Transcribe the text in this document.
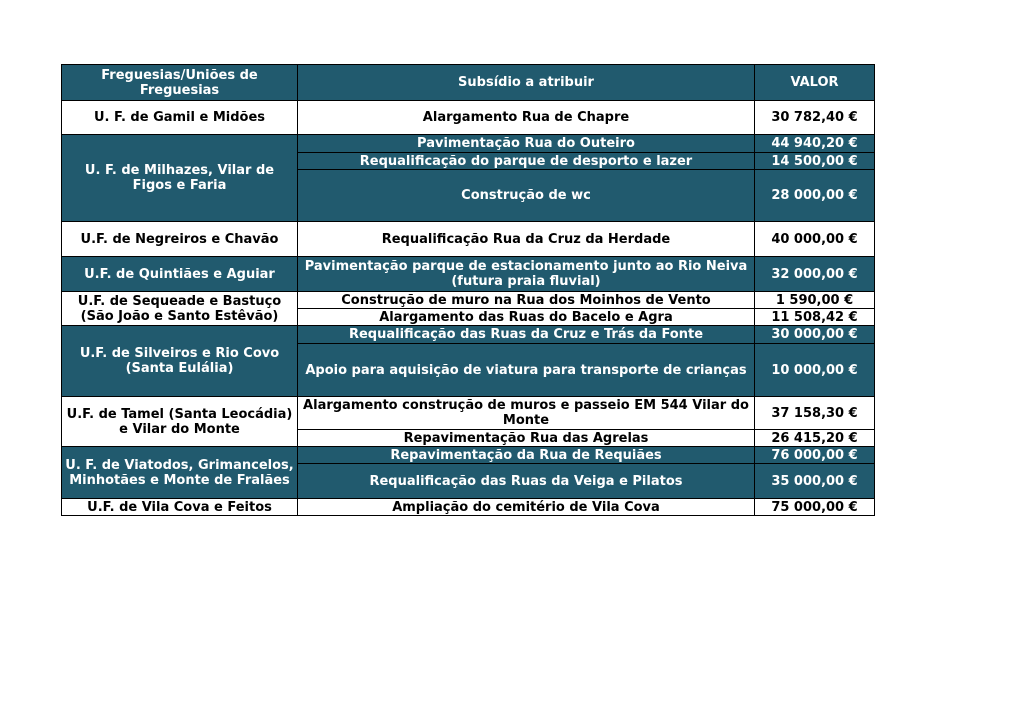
Freguesias/Uniões de Freguesias	Subsídio a atribuir	VALOR
U. F. de Gamil e Midões	Alargamento Rua de Chapre	30 782,40 €
U. F. de Milhazes, Vilar de Figos e Faria	Pavimentação Rua do Outeiro	44 940,20 €
	Requalificação do parque de desporto e lazer	14 500,00 €
	Construção de wc	28 000,00 €
U.F. de Negreiros e Chavão	Requalificação Rua da Cruz da Herdade	40 000,00 €
U.F. de Quintiães e Aguiar	Pavimentação parque de estacionamento junto ao Rio Neiva (futura praia fluvial)	32 000,00 €
U.F. de Sequeade e Bastuço (São João e Santo Estêvão)	Construção de muro na Rua dos Moinhos de Vento	1 590,00 €
	Alargamento das Ruas do Bacelo e Agra	11 508,42 €
U.F. de Silveiros e Rio Covo (Santa Eulália)	Requalificação das Ruas da Cruz e Trás da Fonte	30 000,00 €
	Apoio para aquisição de viatura para transporte de crianças	10 000,00 €
U.F. de Tamel (Santa Leocádia) e Vilar do Monte	Alargamento construção de muros e passeio EM 544 Vilar do Monte	37 158,30 €
	Repavimentação Rua das Agrelas	26 415,20 €
U. F. de Viatodos, Grimancelos, Minhotães e Monte de Fralães	Repavimentação da Rua de Requiães	76 000,00 €
	Requalificação das Ruas da Veiga e Pilatos	35 000,00 €
U.F. de Vila Cova e Feitos	Ampliação do cemitério de Vila Cova	75 000,00 €
